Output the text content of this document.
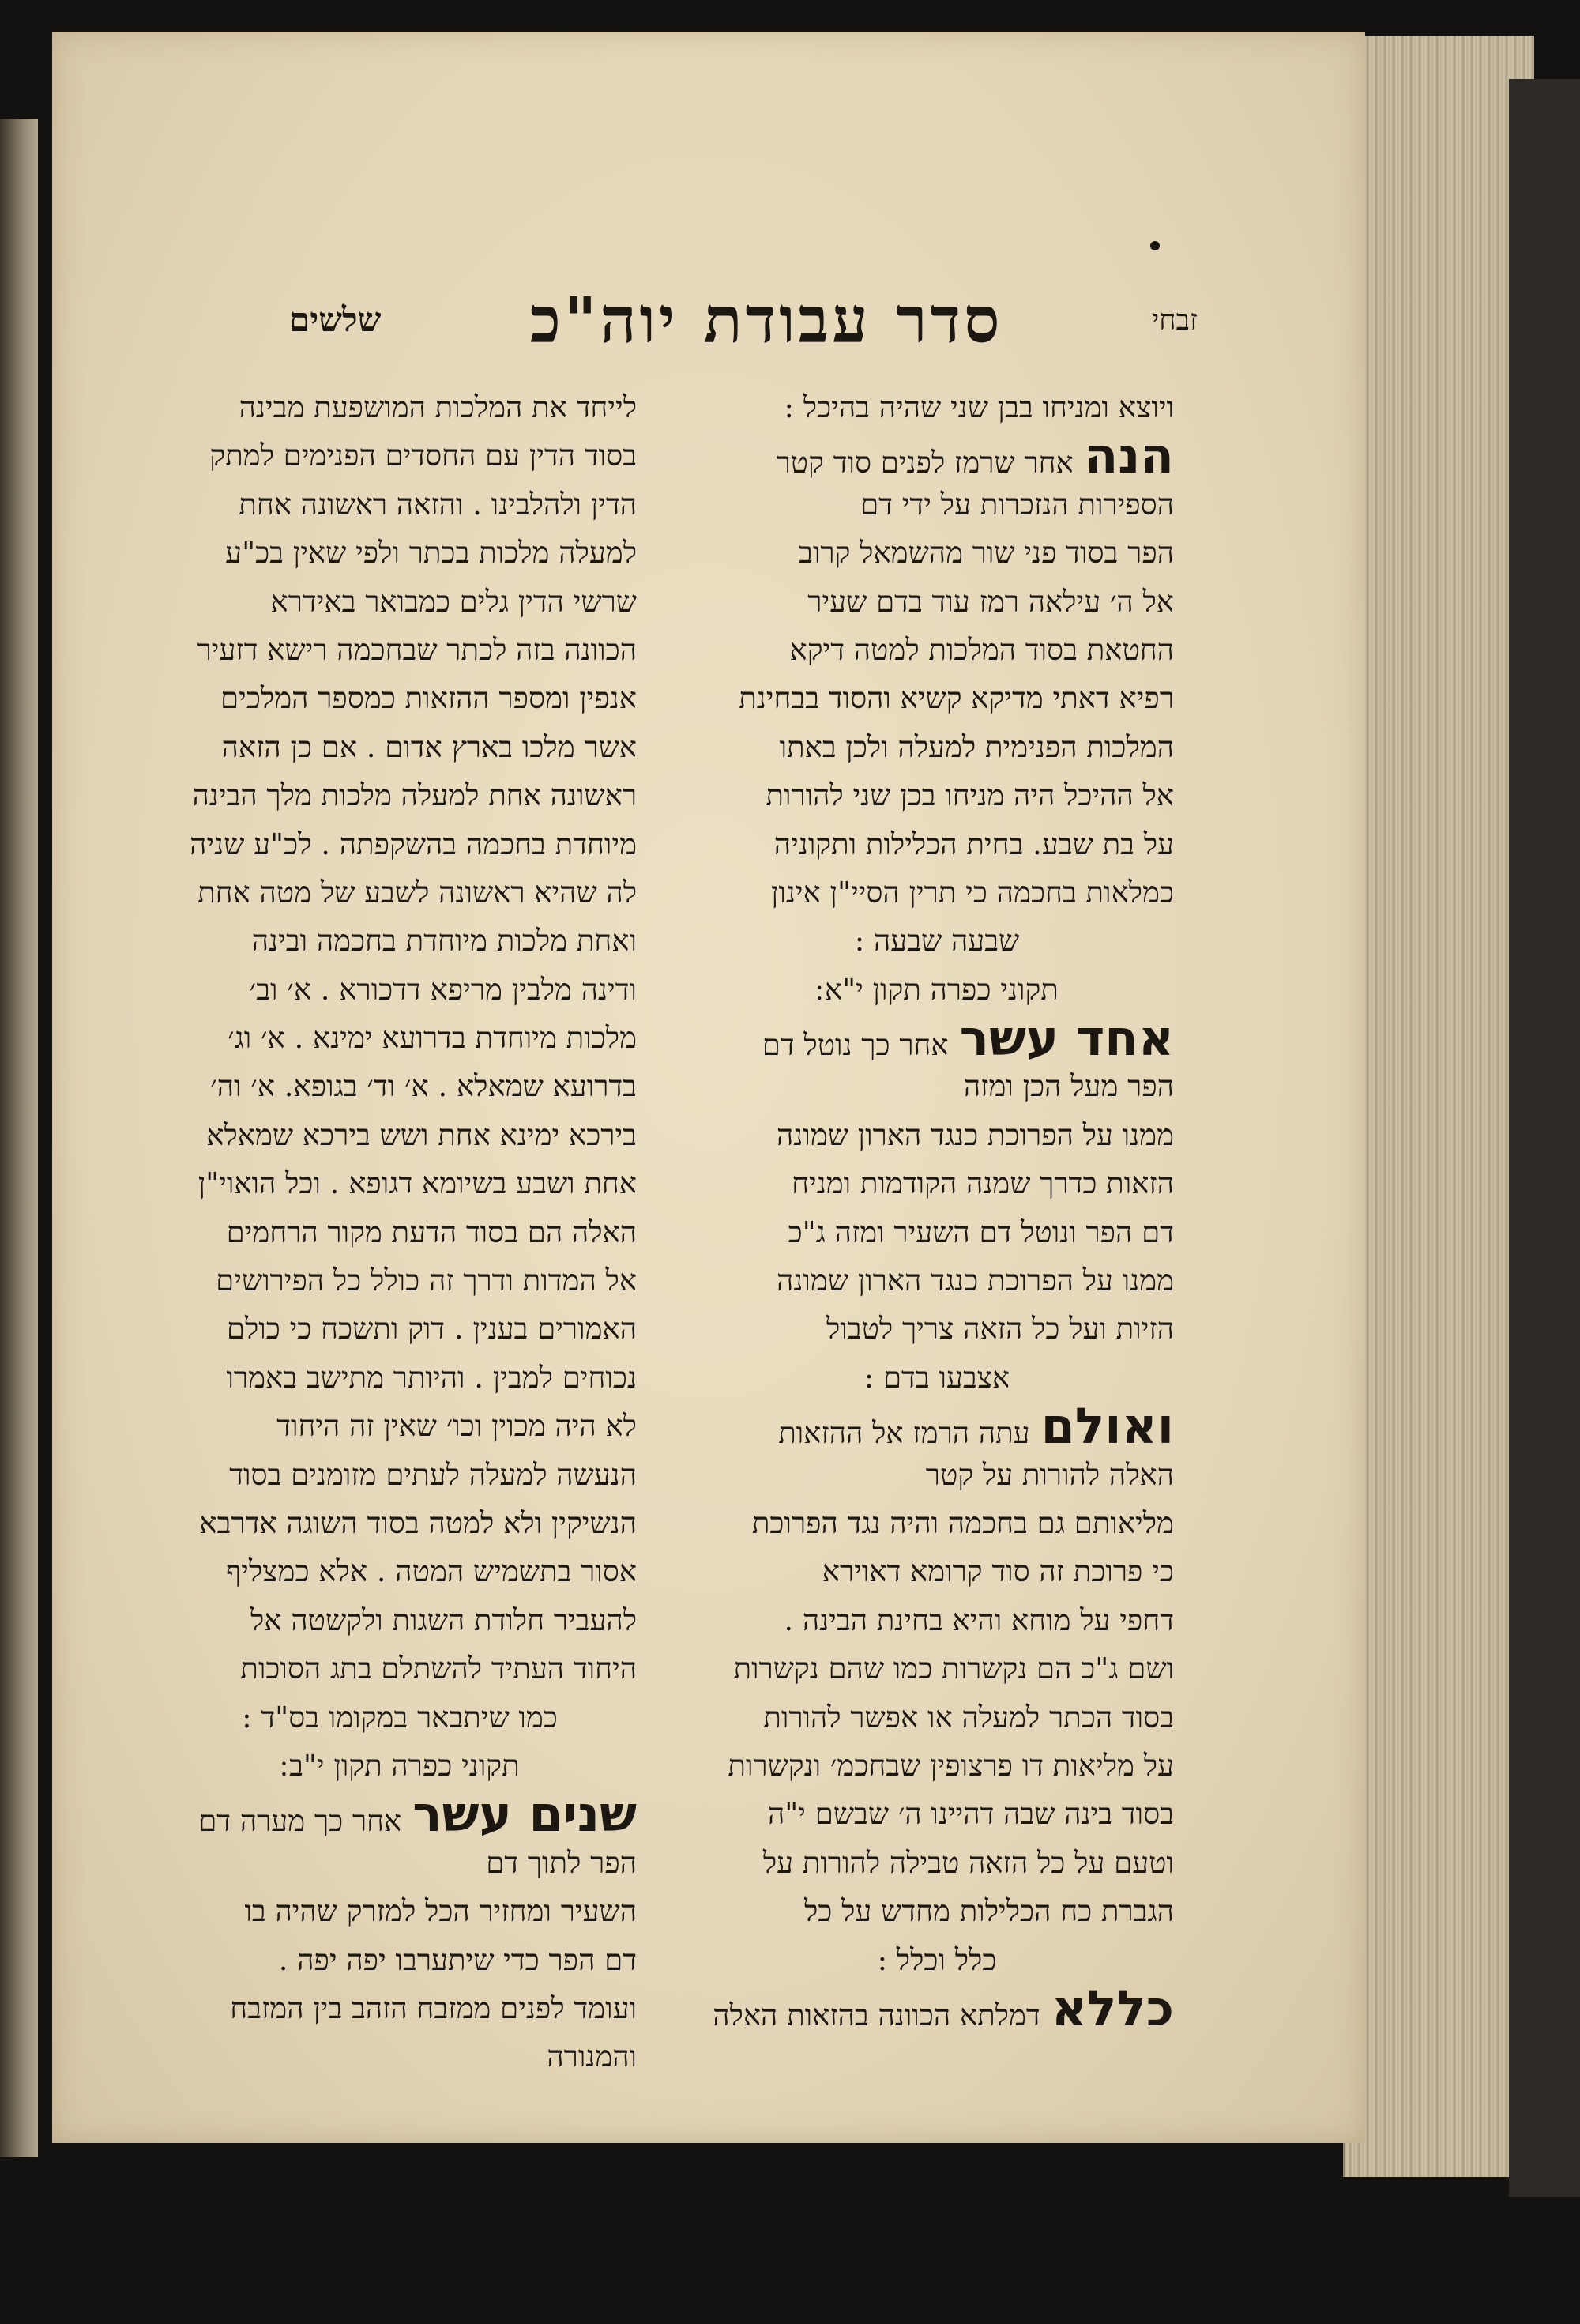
זבחי
סדר עבודת יוה"כ
שלשים

ויוצא ומניחו בבן שני שהיה בהיכל :

הנהאחר שרמז לפנים סוד קטר

הספירות הנזכרות על ידי דם

הפר בסוד פני שור מהשמאל קרוב

אל ה׳ עילאה רמז עוד בדם שעיר

החטאת בסוד המלכות למטה דיקא

רפיא דאתי מדיקא קשיא והסוד בבחינת

המלכות הפנימית למעלה ולכן באתו

אל ההיכל היה מניחו בכן שני להורות

על בת שבע. בחית הכלילות ותקוניה

כמלאות בחכמה כי תרין הסיי"ן אינון

שבעה שבעה :

תקוני כפרה תקון י"א ׃

אחד עשראחר כך נוטל דם

הפר מעל הכן ומזה

ממנו על הפרוכת כנגד הארון שמונה

הזאות כדרך שמנה הקודמות ומניח

דם הפר ונוטל דם השעיר ומזה ג"כ

ממנו על הפרוכת כנגד הארון שמונה

הזיות ועל כל הזאה צריך לטבול

אצבעו בדם :

ואולםעתה הרמז אל ההזאות

האלה להורות על קטר

מליאותם גם בחכמה והיה נגד הפרוכת

כי פרוכת זה סוד קרומא דאוירא

דחפי על מוחא והיא בחינת הבינה .

ושם ג"כ הם נקשרות כמו שהם נקשרות

בסוד הכתר למעלה או אפשר להורות

על מליאות דו פרצופין שבחכמ׳ ונקשרות

בסוד בינה שבה דהיינו ה׳ שבשם י"ה

וטעם על כל הזאה טבילה להורות על

הגברת כח הכלילות מחדש על כל

כלל וכלל :

כללאדמלתא הכוונה בהזאות האלה

לייחד את המלכות המושפעת מבינה

בסוד הדין עם החסדים הפנימים למתק

הדין ולהלבינו . והזאה ראשונה אחת

למעלה מלכות בכתר ולפי שאין בכ"ע

שרשי הדין גלים כמבואר באידרא

הכוונה בזה לכתר שבחכמה רישא דזעיר

אנפין ומספר ההזאות כמספר המלכים

אשר מלכו בארץ אדום . אם כן הזאה

ראשונה אחת למעלה מלכות מלך הבינה

מיוחדת בחכמה בהשקפתה . לכ"ע שניה

לה שהיא ראשונה לשבע של מטה אחת

ואחת מלכות מיוחדת בחכמה ובינה

ודינה מלבין מריפא דדכורא . א׳ וב׳

מלכות מיוחדת בדרועא ימינא . א׳ וג׳

בדרועא שמאלא . א׳ וד׳ בגופא. א׳ וה׳

בירכא ימינא אחת ושש בירכא שמאלא

אחת ושבע בשיומא דגופא . וכל הואוי"ן

האלה הם בסוד הדעת מקור הרחמים

אל המדות ודרך זה כולל כל הפירושים

האמורים בענין . דוק ותשכח כי כולם

נכוחים למבין . והיותר מתישב באמרו

לא היה מכוין וכו׳ שאין זה היחוד

הנעשה למעלה לעתים מזומנים בסוד

הנשיקין ולא למטה בסוד השוגה אדרבא

אסור בתשמיש המטה . אלא כמצליף

להעביר חלודת השגות ולקשטה אל

היחוד העתיד להשתלם בתג הסוכות

כמו שיתבאר במקומו בס"ד :

תקוני כפרה תקון י"ב ׃

שנים עשראחר כך מערה דם

הפר לתוך דם

השעיר ומחזיר הכל למזרק שהיה בו

דם הפר כדי שיתערבו יפה יפה .

ועומד לפנים ממזבח הזהב בין המזבח

והמנורה
